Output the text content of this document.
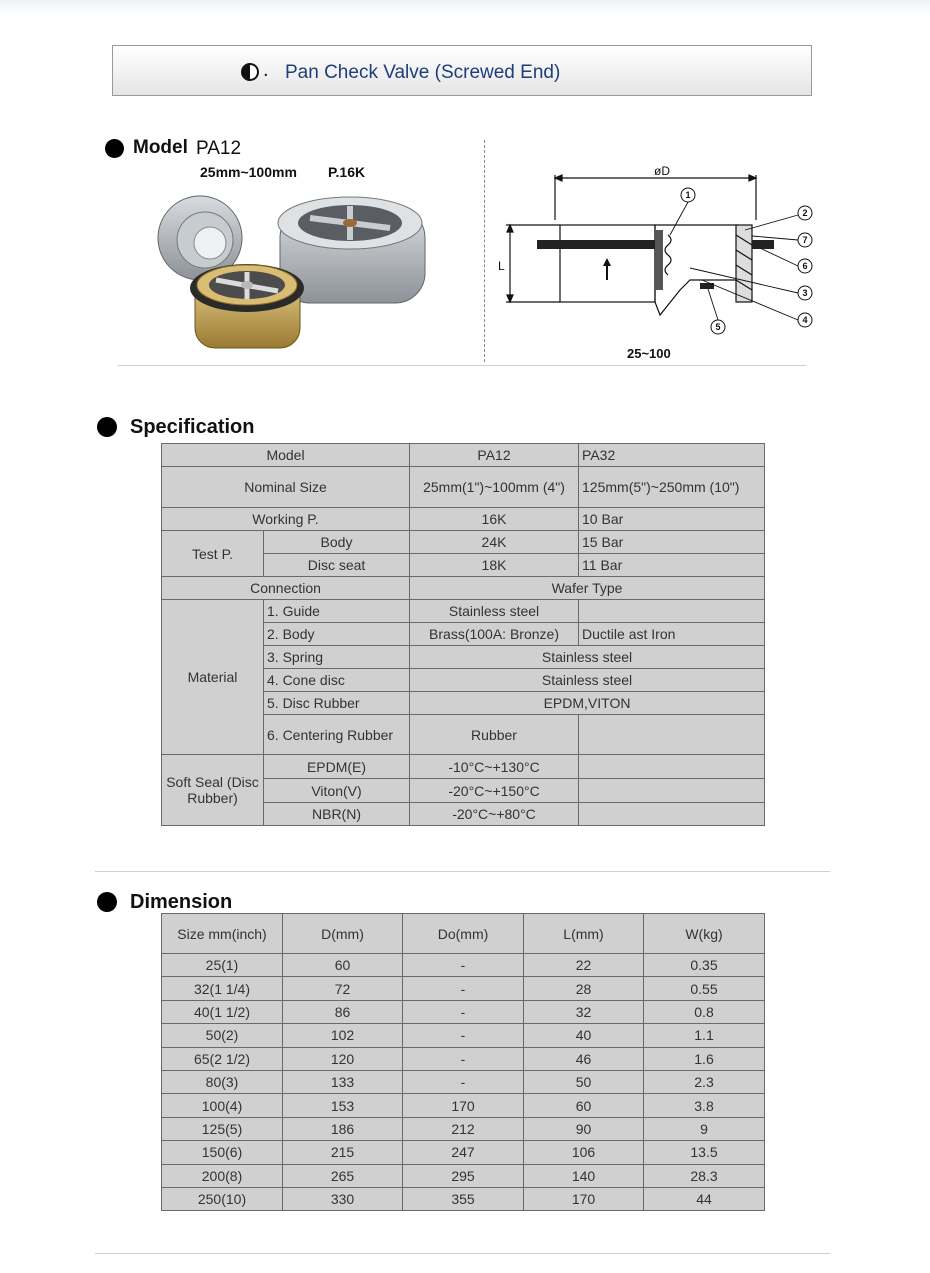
. Pan Check Valve (Screwed End)
Model PA12
25mm~100mm P.16K	øD
L
25~100
1
2
7
6
3
4
5
Specification
Model		PA12	PA32
Nominal Size		25mm(1")~100mm (4")	125mm(5")~250mm (10")
Working P.		16K	10 Bar
Test P.	Body	24K	15 Bar
	Disc seat	18K	11 Bar
Connection		Wafer Type	
Material	1. Guide	Stainless steel	
	2. Body	Brass(100A: Bronze)	Ductile ast Iron
	3. Spring	Stainless steel	
	4. Cone disc	Stainless steel	
	5. Disc Rubber	EPDM,VITON	
	6. Centering Rubber	Rubber	
Soft Seal (Disc Rubber)	EPDM(E)	-10°C~+130°C	
	Viton(V)	-20°C~+150°C	
	NBR(N)	-20°C~+80°C	
Dimension
Size mm(inch)	D(mm)	Do(mm)	L(mm)	W(kg)
25(1)	60	-	22	0.35
32(1 1/4)	72	-	28	0.55
40(1 1/2)	86	-	32	0.8
50(2)	102	-	40	1.1
65(2 1/2)	120	-	46	1.6
80(3)	133	-	50	2.3
100(4)	153	170	60	3.8
125(5)	186	212	90	9
150(6)	215	247	106	13.5
200(8)	265	295	140	28.3
250(10)	330	355	170	44
